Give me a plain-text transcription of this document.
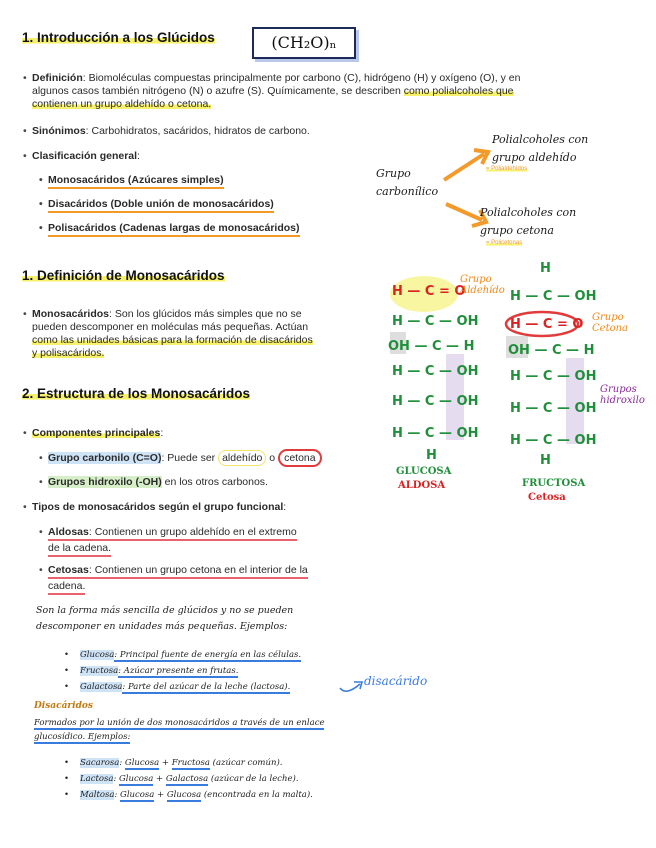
1. Introducción a los Glúcidos	(CH₂O)ₙ
• Definición: Biomoléculas compuestas principalmente por carbono (C), hidrógeno (H) y oxígeno (O), y en
algunos casos también nitrógeno (N) o azufre (S). Químicamente, se describen como polialcoholes que
contienen un grupo aldehído o cetona.
• Sinónimos: Carbohidratos, sacáridos, hidratos de carbono.
• Clasificación general:
• Monosacáridos (Azúcares simples)
• Disacáridos (Doble unión de monosacáridos)
• Polisacáridos (Cadenas largas de monosacáridos)
Grupo carbonílico
Polialcoholes con grupo aldehído
= Polialdehídos
Polialcoholes con grupo cetona
= Policetonas
1. Definición de Monosacáridos
• Monosacáridos: Son los glúcidos más simples que no se
pueden descomponer en moléculas más pequeñas. Actúan
como las unidades básicas para la formación de disacáridos
y polisacáridos.
2. Estructura de los Monosacáridos
• Componentes principales:
• Grupo carbonilo (C=O): Puede ser aldehído o cetona
• Grupos hidroxilo (-OH) en los otros carbonos.
• Tipos de monosacáridos según el grupo funcional:
• Aldosas: Contienen un grupo aldehído en el extremo
de la cadena.
• Cetosas: Contienen un grupo cetona en el interior de la
cadena.
H — C = O
H — C — OH
OH — C — H
H — C — OH
H — C — OH
H — C — OH
H
Grupo Aldehído
GLUCOSA
ALDOSA
H
H — C — OH
H — C = O
OH — C — H
H — C — OH
H — C — OH
H — C — OH
H
Grupo Cetona
Grupos hidroxilo
FRUCTOSA
Cetosa
Son la forma más sencilla de glúcidos y no se pueden
descomponer en unidades más pequeñas. Ejemplos:
• Glucosa: Principal fuente de energía en las células.
• Fructosa: Azúcar presente en frutas.
• Galactosa: Parte del azúcar de la leche (lactosa).	disacárido
Disacáridos
Formados por la unión de dos monosacáridos a través de un enlace
glucosídico. Ejemplos:
• Sacarosa: Glucosa + Fructosa (azúcar común).
• Lactosa: Glucosa + Galactosa (azúcar de la leche).
• Maltosa: Glucosa + Glucosa (encontrada en la malta).
